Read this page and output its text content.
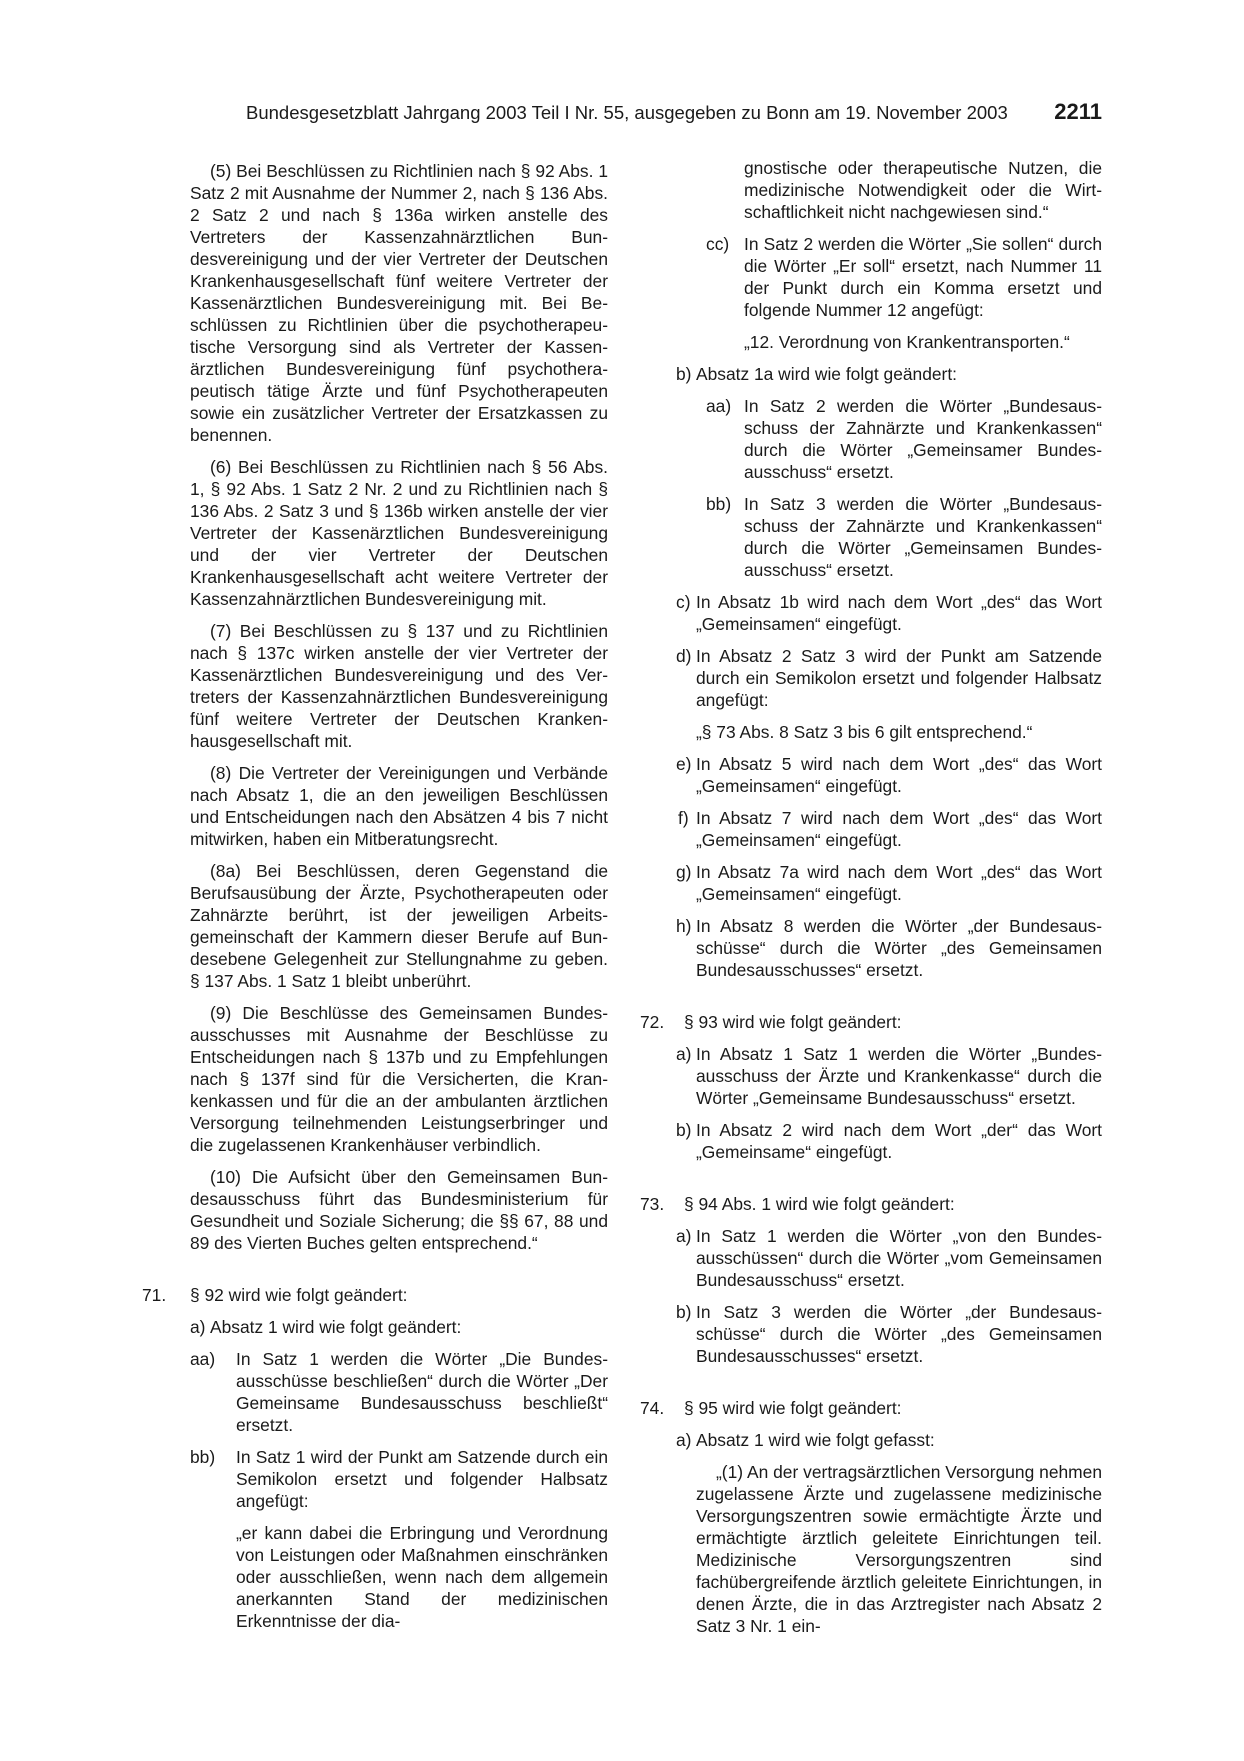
Bundesgesetzblatt Jahrgang 2003 Teil I Nr. 55, ausgegeben zu Bonn am 19. November 2003 2211

(5) Bei Beschlüssen zu Richtlinien nach § 92 Abs. 1 Satz 2 mit Ausnahme der Nummer 2, nach § 136 Abs. 2 Satz 2 und nach § 136a wirken anstelle des Vertreters der Kassenzahnärztlichen Bundesvereinigung und der vier Vertreter der Deutschen Krankenhausgesellschaft fünf weitere Vertreter der Kassenärztlichen Bundesvereinigung mit. Bei Beschlüssen zu Richtlinien über die psychotherapeutische Versorgung sind als Vertreter der Kassenärztlichen Bundesvereinigung fünf psychotherapeutisch tätige Ärzte und fünf Psychotherapeuten sowie ein zusätzlicher Vertreter der Ersatzkassen zu benennen.

(6) Bei Beschlüssen zu Richtlinien nach § 56 Abs. 1, § 92 Abs. 1 Satz 2 Nr. 2 und zu Richtlinien nach § 136 Abs. 2 Satz 3 und § 136b wirken anstelle der vier Vertreter der Kassenärztlichen Bundesvereinigung und der vier Vertreter der Deutschen Krankenhausgesellschaft acht weitere Vertreter der Kassenzahnärztlichen Bundesvereinigung mit.

(7) Bei Beschlüssen zu § 137 und zu Richtlinien nach § 137c wirken anstelle der vier Vertreter der Kassenärztlichen Bundesvereinigung und des Vertreters der Kassenzahnärztlichen Bundesvereinigung fünf weitere Vertreter der Deutschen Krankenhausgesellschaft mit.

(8) Die Vertreter der Vereinigungen und Verbände nach Absatz 1, die an den jeweiligen Beschlüssen und Entscheidungen nach den Absätzen 4 bis 7 nicht mitwirken, haben ein Mitberatungsrecht.

(8a) Bei Beschlüssen, deren Gegenstand die Berufsausübung der Ärzte, Psychotherapeuten oder Zahnärzte berührt, ist der jeweiligen Arbeitsgemeinschaft der Kammern dieser Berufe auf Bundesebene Gelegenheit zur Stellungnahme zu geben. § 137 Abs. 1 Satz 1 bleibt unberührt.

(9) Die Beschlüsse des Gemeinsamen Bundesausschusses mit Ausnahme der Beschlüsse zu Entscheidungen nach § 137b und zu Empfehlungen nach § 137f sind für die Versicherten, die Krankenkassen und für die an der ambulanten ärztlichen Versorgung teilnehmenden Leistungserbringer und die zugelassenen Krankenhäuser verbindlich.

(10) Die Aufsicht über den Gemeinsamen Bundesausschuss führt das Bundesministerium für Gesundheit und Soziale Sicherung; die §§ 67, 88 und 89 des Vierten Buches gelten entsprechend.“

71. § 92 wird wie folgt geändert:

a) Absatz 1 wird wie folgt geändert:

aa) In Satz 1 werden die Wörter „Die Bundesausschüsse beschließen“ durch die Wörter „Der Gemeinsame Bundesausschuss beschließt“ ersetzt.

bb) In Satz 1 wird der Punkt am Satzende durch ein Semikolon ersetzt und folgender Halbsatz angefügt:

„er kann dabei die Erbringung und Verordnung von Leistungen oder Maßnahmen einschränken oder ausschließen, wenn nach dem allgemein anerkannten Stand der medizinischen Erkenntnisse der dia-

gnostische oder therapeutische Nutzen, die medizinische Notwendigkeit oder die Wirtschaftlichkeit nicht nachgewiesen sind.“

cc) In Satz 2 werden die Wörter „Sie sollen“ durch die Wörter „Er soll“ ersetzt, nach Nummer 11 der Punkt durch ein Komma ersetzt und folgende Nummer 12 angefügt:

„12. Verordnung von Krankentransporten.“

b) Absatz 1a wird wie folgt geändert:

aa) In Satz 2 werden die Wörter „Bundesausschuss der Zahnärzte und Krankenkassen“ durch die Wörter „Gemeinsamer Bundesausschuss“ ersetzt.

bb) In Satz 3 werden die Wörter „Bundesausschuss der Zahnärzte und Krankenkassen“ durch die Wörter „Gemeinsamen Bundesausschuss“ ersetzt.

c) In Absatz 1b wird nach dem Wort „des“ das Wort „Gemeinsamen“ eingefügt.

d) In Absatz 2 Satz 3 wird der Punkt am Satzende durch ein Semikolon ersetzt und folgender Halbsatz angefügt:

„§ 73 Abs. 8 Satz 3 bis 6 gilt entsprechend.“

e) In Absatz 5 wird nach dem Wort „des“ das Wort „Gemeinsamen“ eingefügt.

f) In Absatz 7 wird nach dem Wort „des“ das Wort „Gemeinsamen“ eingefügt.

g) In Absatz 7a wird nach dem Wort „des“ das Wort „Gemeinsamen“ eingefügt.

h) In Absatz 8 werden die Wörter „der Bundesausschüsse“ durch die Wörter „des Gemeinsamen Bundesausschusses“ ersetzt.

72. § 93 wird wie folgt geändert:

a) In Absatz 1 Satz 1 werden die Wörter „Bundesausschuss der Ärzte und Krankenkasse“ durch die Wörter „Gemeinsame Bundesausschuss“ ersetzt.

b) In Absatz 2 wird nach dem Wort „der“ das Wort „Gemeinsame“ eingefügt.

73. § 94 Abs. 1 wird wie folgt geändert:

a) In Satz 1 werden die Wörter „von den Bundesausschüssen“ durch die Wörter „vom Gemeinsamen Bundesausschuss“ ersetzt.

b) In Satz 3 werden die Wörter „der Bundesausschüsse“ durch die Wörter „des Gemeinsamen Bundesausschusses“ ersetzt.

74. § 95 wird wie folgt geändert:

a) Absatz 1 wird wie folgt gefasst:

„(1) An der vertragsärztlichen Versorgung nehmen zugelassene Ärzte und zugelassene medizinische Versorgungszentren sowie ermächtigte Ärzte und ermächtigte ärztlich geleitete Einrichtungen teil. Medizinische Versorgungszentren sind fachübergreifende ärztlich geleitete Einrichtungen, in denen Ärzte, die in das Arztregister nach Absatz 2 Satz 3 Nr. 1 ein-
